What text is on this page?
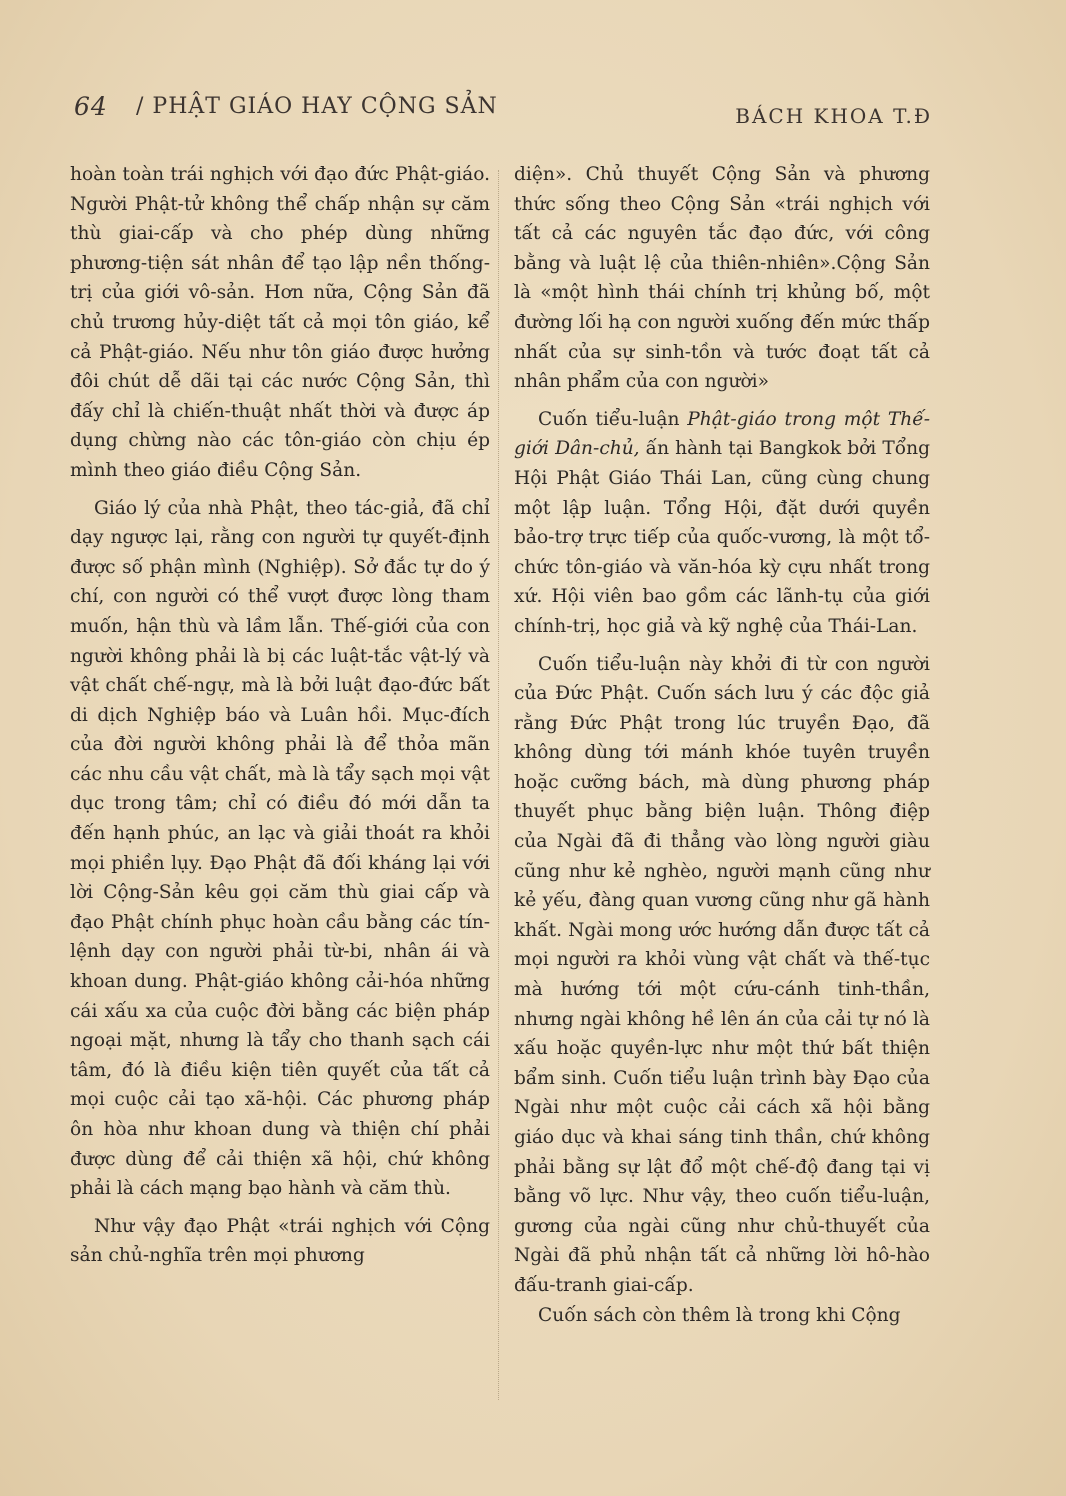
64 / PHẬT GIÁO HAY CỘNG SẢN	BÁCH KHOA T.Đ

hoàn toàn trái nghịch với đạo đức Phật-giáo. Người Phật-tử không thể chấp nhận sự căm thù giai-cấp và cho phép dùng những phương-tiện sát nhân để tạo lập nền thống-trị của giới vô-sản. Hơn nữa, Cộng Sản đã chủ trương hủy-diệt tất cả mọi tôn giáo, kể cả Phật-giáo. Nếu như tôn giáo được hưởng đôi chút dễ dãi tại các nước Cộng Sản, thì đấy chỉ là chiến-thuật nhất thời và được áp dụng chừng nào các tôn-giáo còn chịu ép mình theo giáo điều Cộng Sản.

Giáo lý của nhà Phật, theo tác-giả, đã chỉ dạy ngược lại, rằng con người tự quyết-định được số phận mình (Nghiệp). Sở đắc tự do ý chí, con người có thể vượt được lòng tham muốn, hận thù và lầm lẫn. Thế-giới của con người không phải là bị các luật-tắc vật-lý và vật chất chế-ngự, mà là bởi luật đạo-đức bất di dịch Nghiệp báo và Luân hồi. Mục-đích của đời người không phải là để thỏa mãn các nhu cầu vật chất, mà là tẩy sạch mọi vật dục trong tâm; chỉ có điều đó mới dẫn ta đến hạnh phúc, an lạc và giải thoát ra khỏi mọi phiền lụy. Đạo Phật đã đối kháng lại với lời Cộng-Sản kêu gọi căm thù giai cấp và đạo Phật chính phục hoàn cầu bằng các tín-lệnh dạy con người phải từ-bi, nhân ái và khoan dung. Phật-giáo không cải-hóa những cái xấu xa của cuộc đời bằng các biện pháp ngoại mặt, nhưng là tẩy cho thanh sạch cái tâm, đó là điều kiện tiên quyết của tất cả mọi cuộc cải tạo xã-hội. Các phương pháp ôn hòa như khoan dung và thiện chí phải được dùng để cải thiện xã hội, chứ không phải là cách mạng bạo hành và căm thù.

Như vậy đạo Phật «trái nghịch với Cộng sản chủ-nghĩa trên mọi phương

diện». Chủ thuyết Cộng Sản và phương thức sống theo Cộng Sản «trái nghịch với tất cả các nguyên tắc đạo đức, với công bằng và luật lệ của thiên-nhiên».Cộng Sản là «một hình thái chính trị khủng bố, một đường lối hạ con người xuống đến mức thấp nhất của sự sinh-tồn và tước đoạt tất cả nhân phẩm của con người»

Cuốn tiểu-luận Phật-giáo trong một Thế-giới Dân-chủ, ấn hành tại Bangkok bởi Tổng Hội Phật Giáo Thái Lan, cũng cùng chung một lập luận. Tổng Hội, đặt dưới quyền bảo-trợ trực tiếp của quốc-vương, là một tổ-chức tôn-giáo và văn-hóa kỳ cựu nhất trong xứ. Hội viên bao gồm các lãnh-tụ của giới chính-trị, học giả và kỹ nghệ của Thái-Lan.

Cuốn tiểu-luận này khởi đi từ con người của Đức Phật. Cuốn sách lưu ý các độc giả rằng Đức Phật trong lúc truyền Đạo, đã không dùng tới mánh khóe tuyên truyền hoặc cưỡng bách, mà dùng phương pháp thuyết phục bằng biện luận. Thông điệp của Ngài đã đi thẳng vào lòng người giàu cũng như kẻ nghèo, người mạnh cũng như kẻ yếu, đàng quan vương cũng như gã hành khất. Ngài mong ước hướng dẫn được tất cả mọi người ra khỏi vùng vật chất và thế-tục mà hướng tới một cứu-cánh tinh-thần, nhưng ngài không hề lên án của cải tự nó là xấu hoặc quyền-lực như một thứ bất thiện bẩm sinh. Cuốn tiểu luận trình bày Đạo của Ngài như một cuộc cải cách xã hội bằng giáo dục và khai sáng tinh thần, chứ không phải bằng sự lật đổ một chế-độ đang tại vị bằng võ lực. Như vậy, theo cuốn tiểu-luận, gương của ngài cũng như chủ-thuyết của Ngài đã phủ nhận tất cả những lời hô-hào đấu-tranh giai-cấp.

Cuốn sách còn thêm là trong khi Cộng
